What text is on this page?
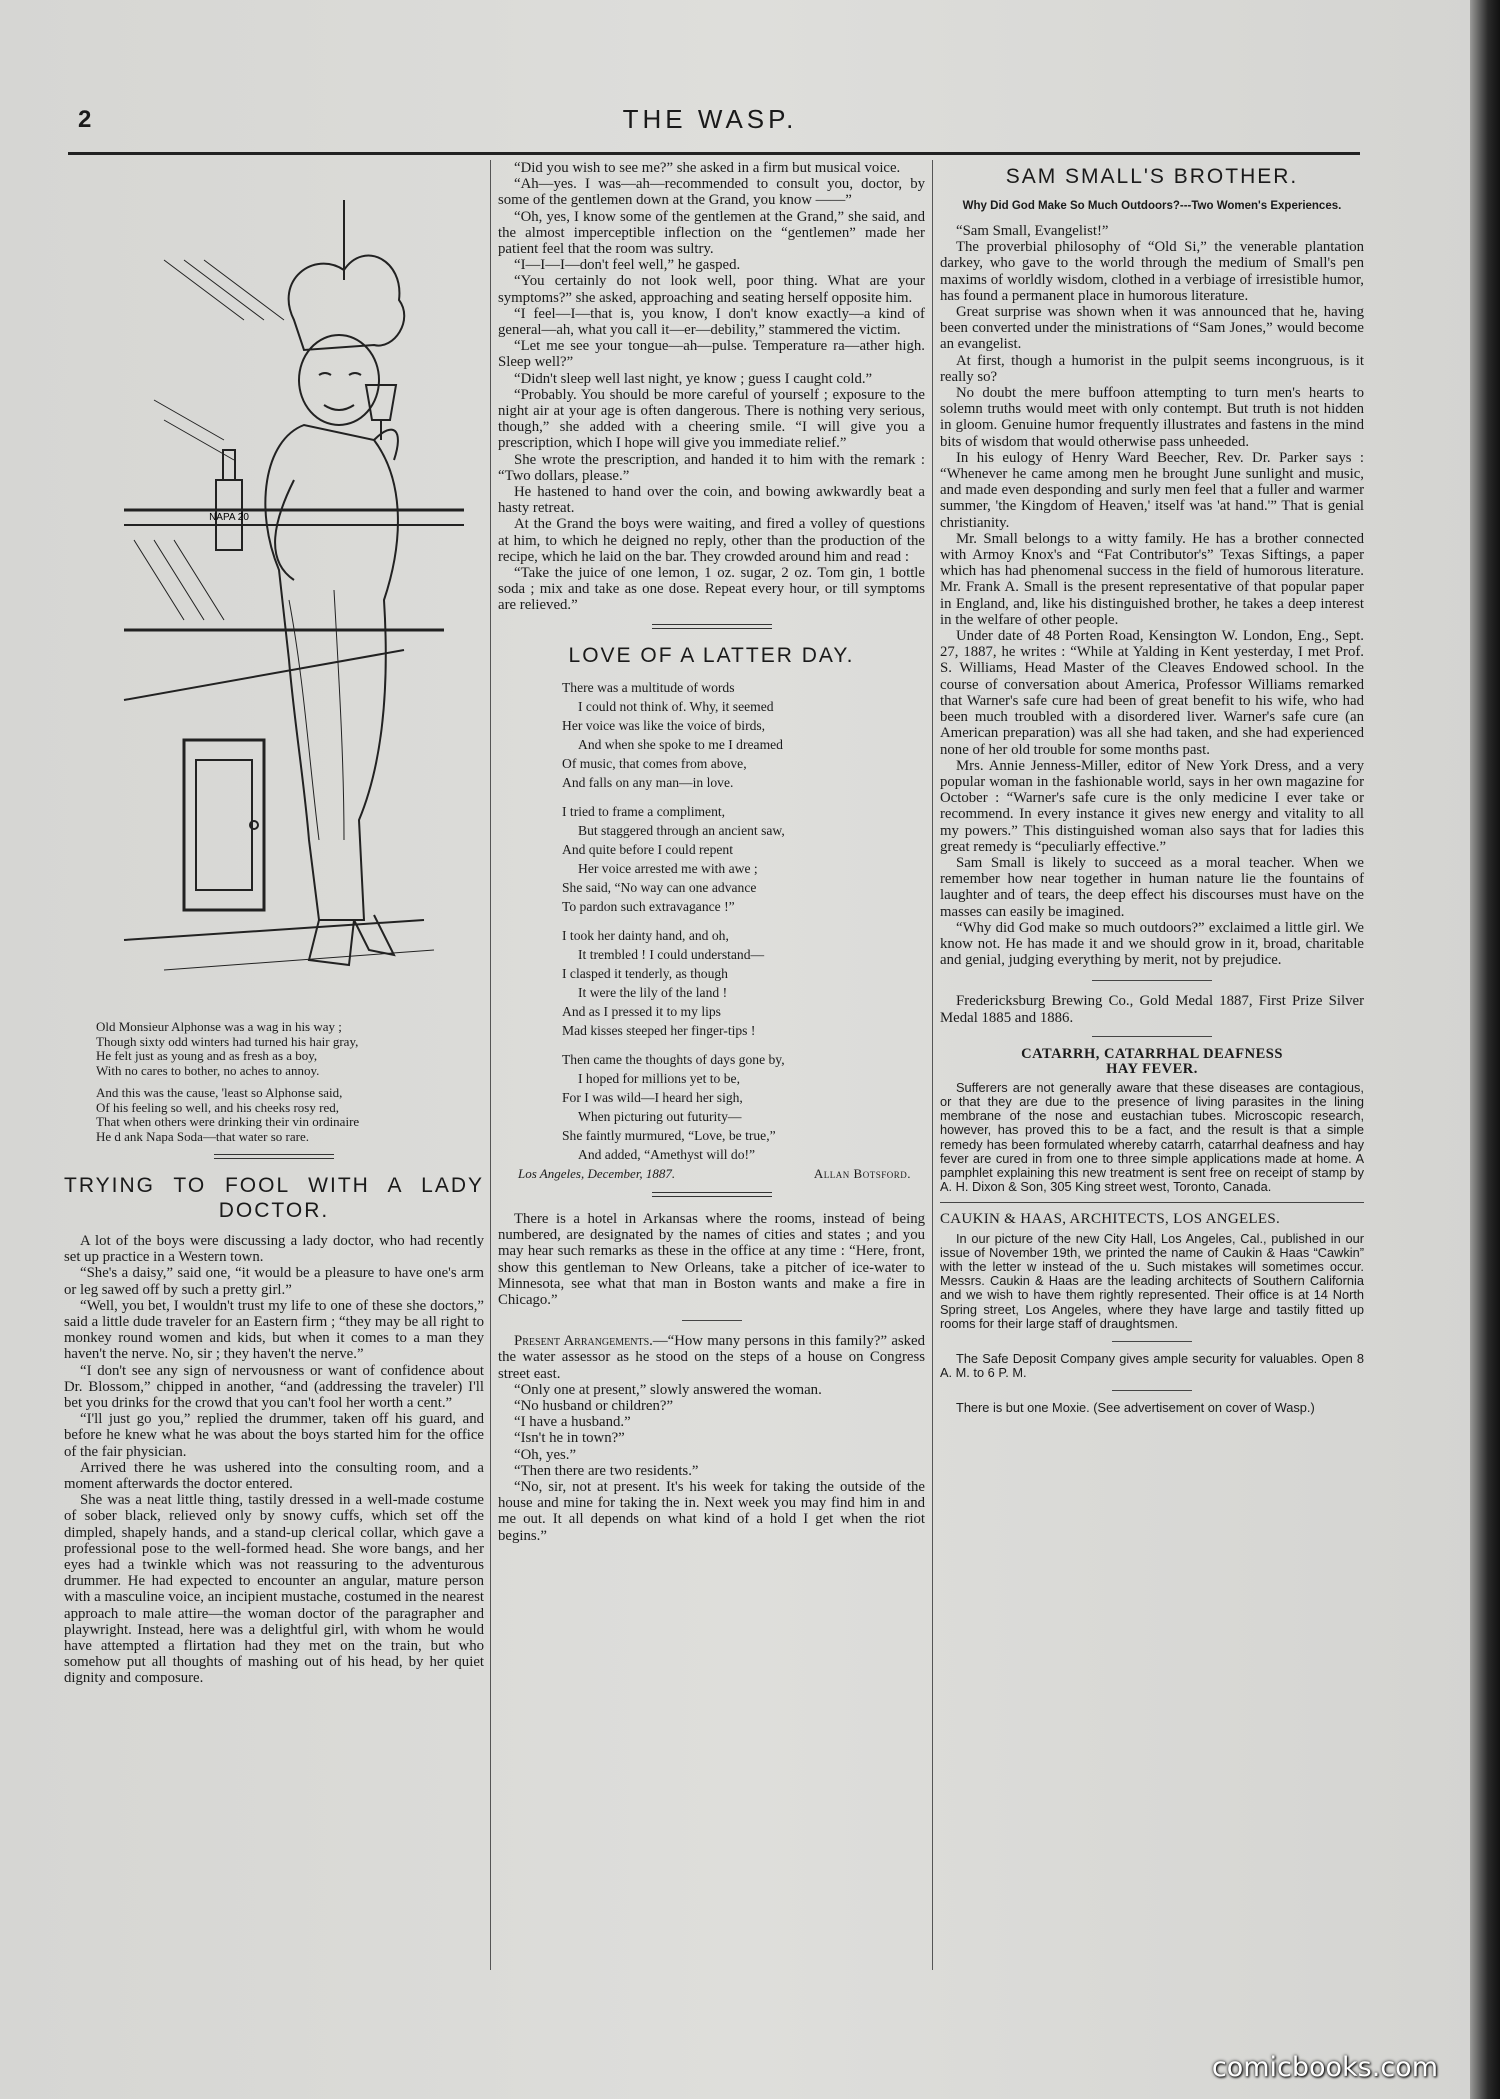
2	THE WASP.
NAPA 20
Old Monsieur Alphonse was a wag in his way ;
Though sixty odd winters had turned his hair gray,
He felt just as young and as fresh as a boy,
With no cares to bother, no aches to annoy.
And this was the cause, 'least so Alphonse said,
Of his feeling so well, and his cheeks rosy red,
That when others were drinking their vin ordinaire
He d ank Napa Soda—that water so rare.
TRYING TO FOOL WITH A LADY DOCTOR.

A lot of the boys were discussing a lady doctor, who had recently set up practice in a Western town.

“She's a daisy,” said one, “it would be a pleasure to have one's arm or leg sawed off by such a pretty girl.”

“Well, you bet, I wouldn't trust my life to one of these she doctors,” said a little dude traveler for an Eastern firm ; “they may be all right to monkey round women and kids, but when it comes to a man they haven't the nerve. No, sir ; they haven't the nerve.”

“I don't see any sign of nervousness or want of confidence about Dr. Blossom,” chipped in another, “and (addressing the traveler) I'll bet you drinks for the crowd that you can't fool her worth a cent.”

“I'll just go you,” replied the drummer, taken off his guard, and before he knew what he was about the boys started him for the office of the fair physician.

Arrived there he was ushered into the consulting room, and a moment afterwards the doctor entered.

She was a neat little thing, tastily dressed in a well-made costume of sober black, relieved only by snowy cuffs, which set off the dimpled, shapely hands, and a stand-up clerical collar, which gave a professional pose to the well-formed head. She wore bangs, and her eyes had a twinkle which was not reassuring to the adventurous drummer. He had expected to encounter an angular, mature person with a masculine voice, an incipient mustache, costumed in the nearest approach to male attire—the woman doctor of the paragrapher and playwright. Instead, here was a delightful girl, with whom he would have attempted a flirtation had they met on the train, but who somehow put all thoughts of mashing out of his head, by her quiet dignity and composure.

“Did you wish to see me?” she asked in a firm but musical voice.

“Ah—yes. I was—ah—recommended to consult you, doctor, by some of the gentlemen down at the Grand, you know ——”

“Oh, yes, I know some of the gentlemen at the Grand,” she said, and the almost imperceptible inflection on the “gentlemen” made her patient feel that the room was sultry.

“I—I—I—don't feel well,” he gasped.

“You certainly do not look well, poor thing. What are your symptoms?” she asked, approaching and seating herself opposite him.

“I feel—I—that is, you know, I don't know exactly—a kind of general—ah, what you call it—er—debility,” stammered the victim.

“Let me see your tongue—ah—pulse. Temperature ra—ather high. Sleep well?”

“Didn't sleep well last night, ye know ; guess I caught cold.”

“Probably. You should be more careful of yourself ; exposure to the night air at your age is often dangerous. There is nothing very serious, though,” she added with a cheering smile. “I will give you a prescription, which I hope will give you immediate relief.”

She wrote the prescription, and handed it to him with the remark : “Two dollars, please.”

He hastened to hand over the coin, and bowing awkwardly beat a hasty retreat.

At the Grand the boys were waiting, and fired a volley of questions at him, to which he deigned no reply, other than the production of the recipe, which he laid on the bar. They crowded around him and read :

“Take the juice of one lemon, 1 oz. sugar, 2 oz. Tom gin, 1 bottle soda ; mix and take as one dose. Repeat every hour, or till symptoms are relieved.”

LOVE OF A LATTER DAY.
There was a multitude of words
I could not think of. Why, it seemed
Her voice was like the voice of birds,
And when she spoke to me I dreamed
Of music, that comes from above,
And falls on any man—in love.
I tried to frame a compliment,
But staggered through an ancient saw,
And quite before I could repent
Her voice arrested me with awe ;
She said, “No way can one advance
To pardon such extravagance !”
I took her dainty hand, and oh,
It trembled ! I could understand—
I clasped it tenderly, as though
It were the lily of the land !
And as I pressed it to my lips
Mad kisses steeped her finger-tips !
Then came the thoughts of days gone by,
I hoped for millions yet to be,
For I was wild—I heard her sigh,
When picturing out futurity—
She faintly murmured, “Love, be true,”
And added, “Amethyst will do!”
Los Angeles, December, 1887.	Allan Botsford.

There is a hotel in Arkansas where the rooms, instead of being numbered, are designated by the names of cities and states ; and you may hear such remarks as these in the office at any time : “Here, front, show this gentleman to New Orleans, take a pitcher of ice-water to Minnesota, see what that man in Boston wants and make a fire in Chicago.”

Present Arrangements.—“How many persons in this family?” asked the water assessor as he stood on the steps of a house on Congress street east.

“Only one at present,” slowly answered the woman.

“No husband or children?”

“I have a husband.”

“Isn't he in town?”

“Oh, yes.”

“Then there are two residents.”

“No, sir, not at present. It's his week for taking the outside of the house and mine for taking the in. Next week you may find him in and me out. It all depends on what kind of a hold I get when the riot begins.”

SAM SMALL'S BROTHER.
Why Did God Make So Much Outdoors?---Two Women's Experiences.

“Sam Small, Evangelist!”

The proverbial philosophy of “Old Si,” the venerable plantation darkey, who gave to the world through the medium of Small's pen maxims of worldly wisdom, clothed in a verbiage of irresistible humor, has found a permanent place in humorous literature.

Great surprise was shown when it was announced that he, having been converted under the ministrations of “Sam Jones,” would become an evangelist.

At first, though a humorist in the pulpit seems incongruous, is it really so?

No doubt the mere buffoon attempting to turn men's hearts to solemn truths would meet with only contempt. But truth is not hidden in gloom. Genuine humor frequently illustrates and fastens in the mind bits of wisdom that would otherwise pass unheeded.

In his eulogy of Henry Ward Beecher, Rev. Dr. Parker says : “Whenever he came among men he brought June sunlight and music, and made even desponding and surly men feel that a fuller and warmer summer, 'the Kingdom of Heaven,' itself was 'at hand.'” That is genial christianity.

Mr. Small belongs to a witty family. He has a brother connected with Armoy Knox's and “Fat Contributor's” Texas Siftings, a paper which has had phenomenal success in the field of humorous literature. Mr. Frank A. Small is the present representative of that popular paper in England, and, like his distinguished brother, he takes a deep interest in the welfare of other people.

Under date of 48 Porten Road, Kensington W. London, Eng., Sept. 27, 1887, he writes : “While at Yalding in Kent yesterday, I met Prof. S. Williams, Head Master of the Cleaves Endowed school. In the course of conversation about America, Professor Williams remarked that Warner's safe cure had been of great benefit to his wife, who had been much troubled with a disordered liver. Warner's safe cure (an American preparation) was all she had taken, and she had experienced none of her old trouble for some months past.

Mrs. Annie Jenness-Miller, editor of New York Dress, and a very popular woman in the fashionable world, says in her own magazine for October : “Warner's safe cure is the only medicine I ever take or recommend. In every instance it gives new energy and vitality to all my powers.” This distinguished woman also says that for ladies this great remedy is “peculiarly effective.”

Sam Small is likely to succeed as a moral teacher. When we remember how near together in human nature lie the fountains of laughter and of tears, the deep effect his discourses must have on the masses can easily be imagined.

“Why did God make so much outdoors?” exclaimed a little girl. We know not. He has made it and we should grow in it, broad, charitable and genial, judging everything by merit, not by prejudice.

Fredericksburg Brewing Co., Gold Medal 1887, First Prize Silver Medal 1885 and 1886.

CATARRH, CATARRHAL DEAFNESS
HAY FEVER.

Sufferers are not generally aware that these diseases are contagious, or that they are due to the presence of living parasites in the lining membrane of the nose and eustachian tubes. Microscopic research, however, has proved this to be a fact, and the result is that a simple remedy has been formulated whereby catarrh, catarrhal deafness and hay fever are cured in from one to three simple applications made at home. A pamphlet explaining this new treatment is sent free on receipt of stamp by A. H. Dixon & Son, 305 King street west, Toronto, Canada.

CAUKIN & HAAS, ARCHITECTS, LOS ANGELES.

In our picture of the new City Hall, Los Angeles, Cal., published in our issue of November 19th, we printed the name of Caukin & Haas “Cawkin” with the letter w instead of the u. Such mistakes will sometimes occur. Messrs. Caukin & Haas are the leading architects of Southern California and we wish to have them rightly represented. Their office is at 14 North Spring street, Los Angeles, where they have large and tastily fitted up rooms for their large staff of draughtsmen.

The Safe Deposit Company gives ample security for valuables. Open 8 A. M. to 6 P. M.

There is but one Moxie. (See advertisement on cover of Wasp.)

comicbooks.com
